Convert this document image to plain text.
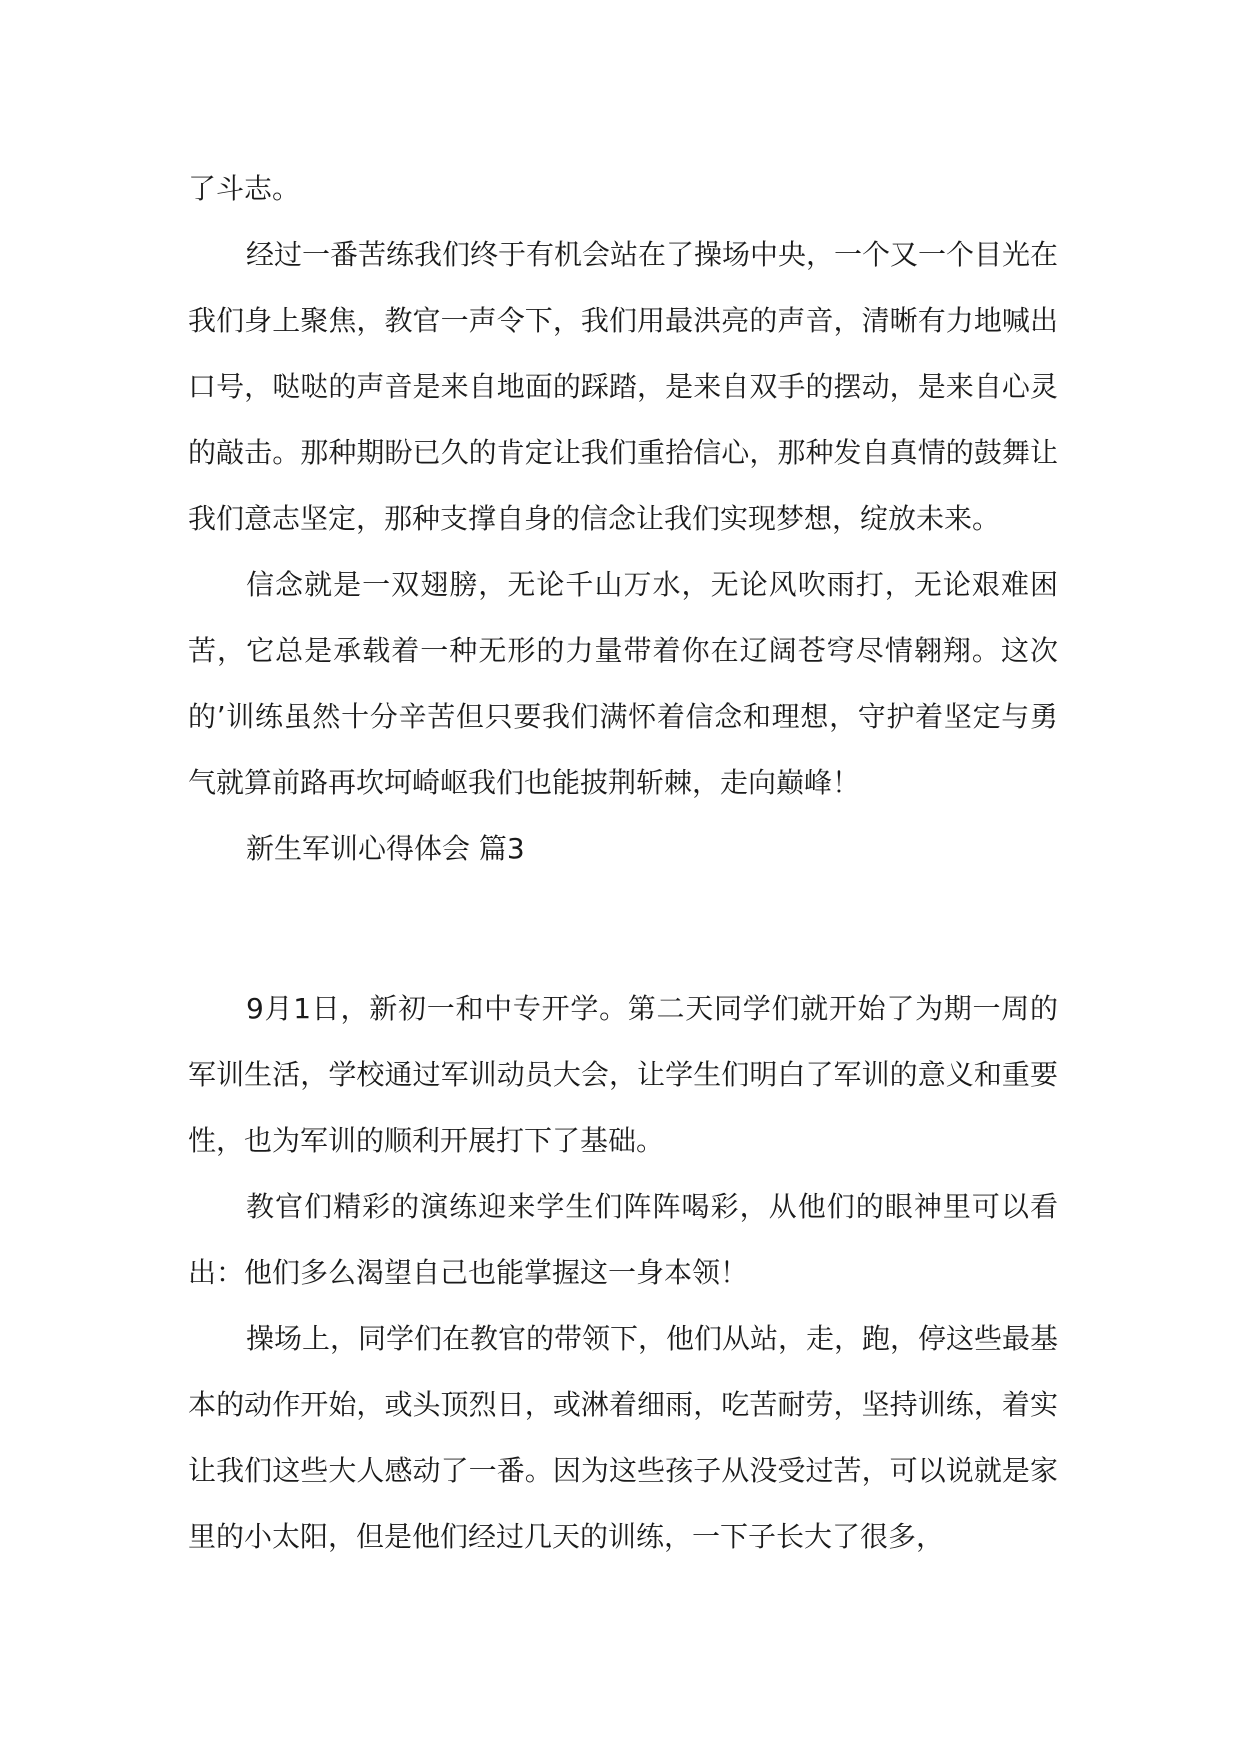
了斗志。

经过一番苦练我们终于有机会站在了操场中央，一个又一个目光在我们身上聚焦，教官一声令下，我们用最洪亮的声音，清晰有力地喊出口号，哒哒的声音是来自地面的踩踏，是来自双手的摆动，是来自心灵的敲击。那种期盼已久的肯定让我们重拾信心，那种发自真情的鼓舞让我们意志坚定，那种支撑自身的信念让我们实现梦想，绽放未来。

信念就是一双翅膀，无论千山万水，无论风吹雨打，无论艰难困苦，它总是承载着一种无形的力量带着你在辽阔苍穹尽情翱翔。这次的’训练虽然十分辛苦但只要我们满怀着信念和理想，守护着坚定与勇气就算前路再坎坷崎岖我们也能披荆斩棘，走向巅峰！

新生军训心得体会 篇3

9月1日，新初一和中专开学。第二天同学们就开始了为期一周的军训生活，学校通过军训动员大会，让学生们明白了军训的意义和重要性，也为军训的顺利开展打下了基础。

教官们精彩的演练迎来学生们阵阵喝彩，从他们的眼神里可以看出：他们多么渴望自己也能掌握这一身本领！

操场上，同学们在教官的带领下，他们从站，走，跑，停这些最基本的动作开始，或头顶烈日，或淋着细雨，吃苦耐劳，坚持训练，着实让我们这些大人感动了一番。因为这些孩子从没受过苦，可以说就是家里的小太阳，但是他们经过几天的训练，一下子长大了很多，
